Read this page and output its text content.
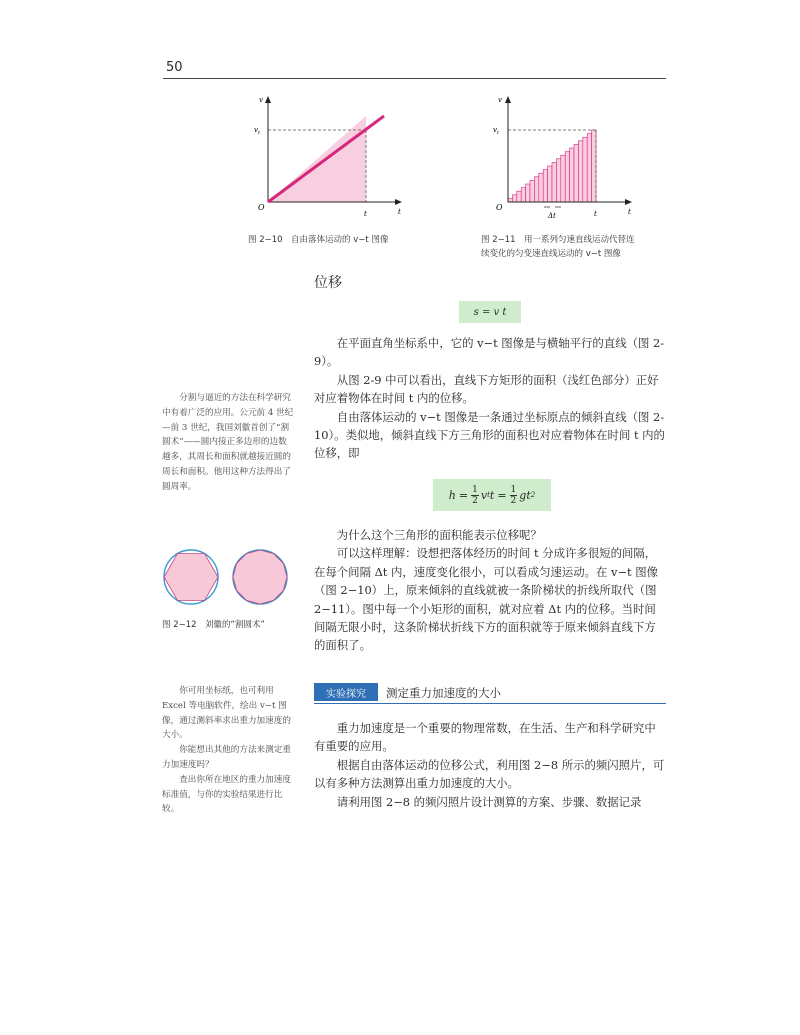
50
v
$v_t$
O
t	t
图 2−10　自由落体运动的 v−t 图像
v
$v_t$
O
t	t
Δt
图 2−11　用一系列匀速直线运动代替连
续变化的匀变速直线运动的 v−t 图像
位移
s = v t

在平面直角坐标系中，它的 v−t 图像是与横轴平行的直线（图 2-9）。

从图 2-9 中可以看出，直线下方矩形的面积（浅红色部分）正好对应着物体在时间 t 内的位移。

自由落体运动的 v−t 图像是一条通过坐标原点的倾斜直线（图 2-10）。类似地，倾斜直线下方三角形的面积也对应着物体在时间 t 内的位移，即

$h = \frac{1}{2}$ v t $t = \frac{1}{2}$ g t 2

为什么这个三角形的面积能表示位移呢？

可以这样理解：设想把落体经历的时间 t 分成许多很短的间隔，在每个间隔 Δt 内，速度变化很小，可以看成匀速运动。在 v−t 图像（图 2−10）上，原来倾斜的直线就被一条阶梯状的折线所取代（图 2−11）。图中每一个小矩形的面积，就对应着 Δt 内的位移。当时间间隔无限小时，这条阶梯状折线下方的面积就等于原来倾斜直线下方的面积了。

分割与逼近的方法在科学研究中有着广泛的应用。公元前 4 世纪—前 3 世纪，我国刘徽首创了“割圆术”——圆内接正多边形的边数越多，其周长和面积就越接近圆的周长和面积。他用这种方法得出了圆周率。

图 2−12　刘徽的“割圆术”
实验探究	测定重力加速度的大小

你可用坐标纸，也可利用 Excel 等电脑软件，绘出 v−t 图像，通过测斜率求出重力加速度的大小。

你能想出其他的方法来测定重力加速度吗？

查出你所在地区的重力加速度标准值，与你的实验结果进行比较。

重力加速度是一个重要的物理常数，在生活、生产和科学研究中有重要的应用。

根据自由落体运动的位移公式，利用图 2−8 所示的频闪照片，可以有多种方法测算出重力加速度的大小。

请利用图 2−8 的频闪照片设计测算的方案、步骤、数据记录
